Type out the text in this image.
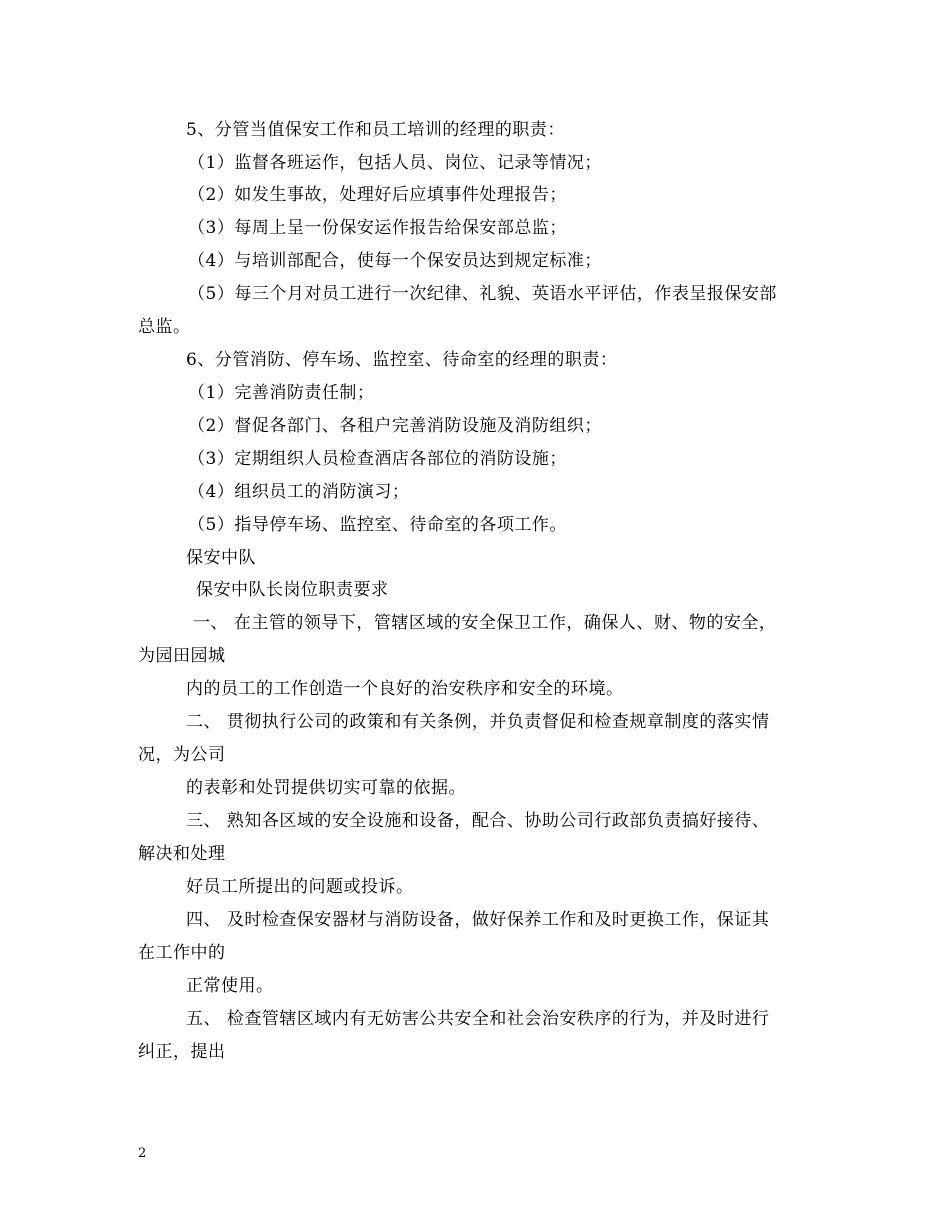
5、分管当值保安工作和员工培训的经理的职责：
（1）监督各班运作，包括人员、岗位、记录等情况；
（2）如发生事故，处理好后应填事件处理报告；
（3）每周上呈一份保安运作报告给保安部总监；
（4）与培训部配合，使每一个保安员达到规定标准；
（5）每三个月对员工进行一次纪律、礼貌、英语水平评估，作表呈报保安部
总监。
6、分管消防、停车场、监控室、待命室的经理的职责：
（1）完善消防责任制；
（2）督促各部门、各租户完善消防设施及消防组织；
（3）定期组织人员检查酒店各部位的消防设施；
（4）组织员工的消防演习；
（5）指导停车场、监控室、待命室的各项工作。
保安中队
保安中队长岗位职责要求
一、 在主管的领导下，管辖区域的安全保卫工作，确保人、财、物的安全，
为园田园城
内的员工的工作创造一个良好的治安秩序和安全的环境。
二、 贯彻执行公司的政策和有关条例，并负责督促和检查规章制度的落实情
况，为公司
的表彰和处罚提供切实可靠的依据。
三、 熟知各区域的安全设施和设备，配合、协助公司行政部负责搞好接待、
解决和处理
好员工所提出的问题或投诉。
四、 及时检查保安器材与消防设备，做好保养工作和及时更换工作，保证其
在工作中的
正常使用。
五、 检查管辖区域内有无妨害公共安全和社会治安秩序的行为，并及时进行
纠正，提出
2
